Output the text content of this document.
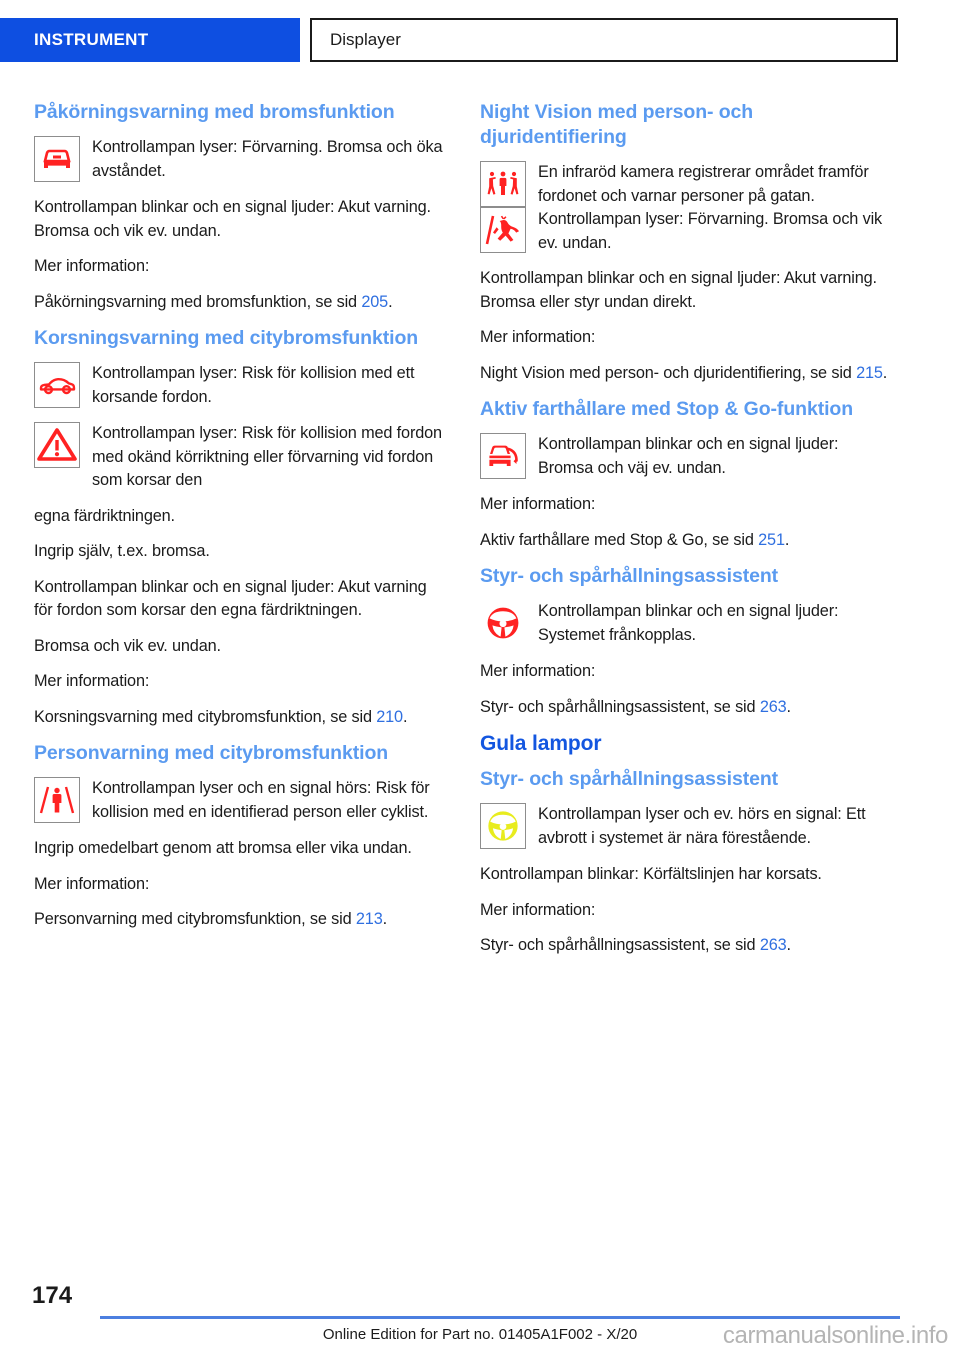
INSTRUMENT	Displayer
Påkörningsvarning med bromsfunktion

Kontrollampan lyser: Förvarning. Bromsa och öka avståndet.

Kontrollampan blinkar och en signal ljuder: Akut varning. Bromsa och vik ev. undan.

Mer information:

Påkörningsvarning med bromsfunktion, se sid 205.

Korsningsvarning med citybromsfunktion

Kontrollampan lyser: Risk för kollision med ett korsande fordon.

Kontrollampan lyser: Risk för kollision med fordon med okänd körriktning eller förvarning vid fordon som korsar den

egna färdriktningen.

Ingrip själv, t.ex. bromsa.

Kontrollampan blinkar och en signal ljuder: Akut varning för fordon som korsar den egna färdriktningen.

Bromsa och vik ev. undan.

Mer information:

Korsningsvarning med citybromsfunktion, se sid 210.

Personvarning med citybromsfunktion

Kontrollampan lyser och en signal hörs: Risk för kollision med en identifierad person eller cyklist.

Ingrip omedelbart genom att bromsa eller vika undan.

Mer information:

Personvarning med citybromsfunktion, se sid 213.

Night Vision med person- och djuridentifiering

En infraröd kamera registrerar området framför fordonet och varnar personer på gatan.

Kontrollampan lyser: Förvarning. Bromsa och vik ev. undan.

Kontrollampan blinkar och en signal ljuder: Akut varning. Bromsa eller styr undan direkt.

Mer information:

Night Vision med person- och djuridentifiering, se sid 215.

Aktiv farthållare med Stop & Go-funktion

Kontrollampan blinkar och en signal ljuder: Bromsa och väj ev. undan.

Mer information:

Aktiv farthållare med Stop & Go, se sid 251.

Styr- och spårhållningsassistent

Kontrollampan blinkar och en signal ljuder: Systemet frånkopplas.

Mer information:

Styr- och spårhållningsassistent, se sid 263.

Gula lampor
Styr- och spårhållningsassistent

Kontrollampan lyser och ev. hörs en signal: Ett avbrott i systemet är nära förestående.

Kontrollampan blinkar: Körfältslinjen har korsats.

Mer information:

Styr- och spårhållningsassistent, se sid 263.

174
Online Edition for Part no. 01405A1F002 - X/20	carmanualsonline.info
